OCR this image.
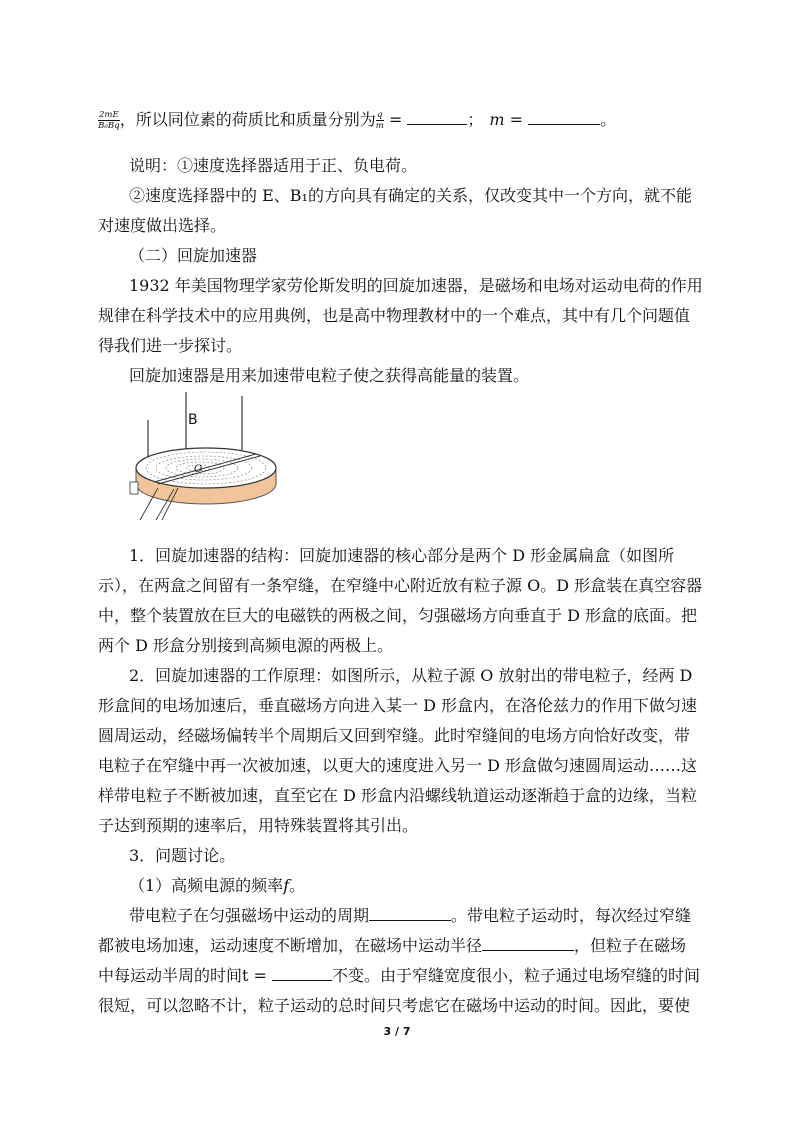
$\frac{2mE}{\text{B₀Bq}}$ ，所以同位素的荷质比和质量分别为 $\frac{q}{m}$ =	； m =	。
说明：①速度选择器适用于正、负电荷。
②速度选择器中的 E、B₁的方向具有确定的关系，仅改变其中一个方向，就不能
对速度做出选择。
（二）回旋加速器
1932 年美国物理学家劳伦斯发明的回旋加速器，是磁场和电场对运动电荷的作用
规律在科学技术中的应用典例，也是高中物理教材中的一个难点，其中有几个问题值
得我们进一步探讨。
回旋加速器是用来加速带电粒子使之获得高能量的装置。
B
O
1．回旋加速器的结构：回旋加速器的核心部分是两个 D 形金属扁盒（如图所
示），在两盒之间留有一条窄缝，在窄缝中心附近放有粒子源 O。D 形盒装在真空容器
中，整个装置放在巨大的电磁铁的两极之间，匀强磁场方向垂直于 D 形盒的底面。把
两个 D 形盒分别接到高频电源的两极上。
2．回旋加速器的工作原理：如图所示，从粒子源 O 放射出的带电粒子，经两 D
形盒间的电场加速后，垂直磁场方向进入某一 D 形盒内，在洛伦兹力的作用下做匀速
圆周运动，经磁场偏转半个周期后又回到窄缝。此时窄缝间的电场方向恰好改变，带
电粒子在窄缝中再一次被加速，以更大的速度进入另一 D 形盒做匀速圆周运动……这
样带电粒子不断被加速，直至它在 D 形盒内沿螺线轨道运动逐渐趋于盒的边缘，当粒
子达到预期的速率后，用特殊装置将其引出。
3．问题讨论。
（1）高频电源的频率f。
带电粒子在匀强磁场中运动的周期	。带电粒子运动时，每次经过窄缝
都被电场加速，运动速度不断增加，在磁场中运动半径	，但粒子在磁场
中每运动半周的时间t =	不变。由于窄缝宽度很小，粒子通过电场窄缝的时间
很短，可以忽略不计，粒子运动的总时间只考虑它在磁场中运动的时间。因此，要使
3 / 7
